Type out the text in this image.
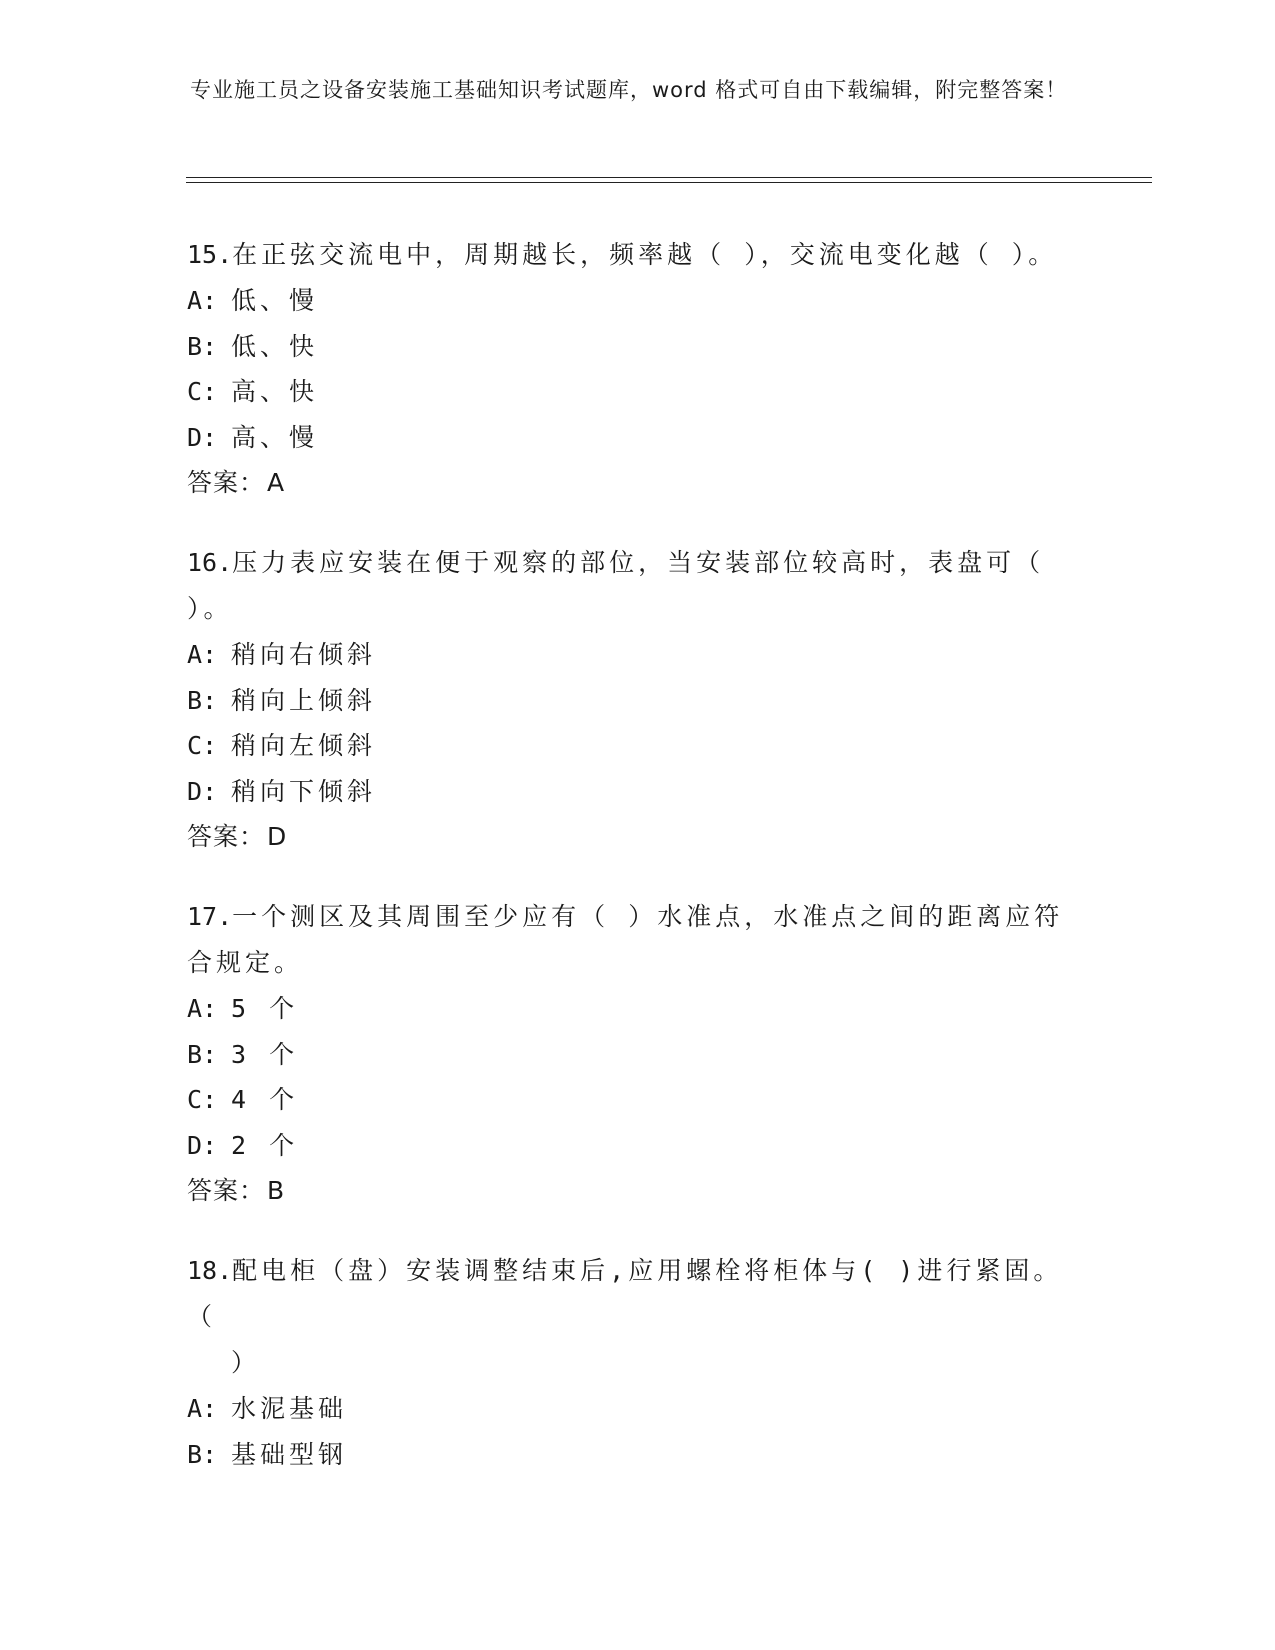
专业施工员之设备安装施工基础知识考试题库，word 格式可自由下载编辑，附完整答案！
15.在正弦交流电中，周期越长，频率越（ ），交流电变化越（ ）。
A: 低、慢
B: 低、快
C: 高、快
D: 高、慢
答案：A
16.压力表应安装在便于观察的部位，当安装部位较高时，表盘可（
）。
A: 稍向右倾斜
B: 稍向上倾斜
C: 稍向左倾斜
D: 稍向下倾斜
答案：D
17.一个测区及其周围至少应有（ ）水准点，水准点之间的距离应符
合规定。
A: 5 个
B: 3 个
C: 4 个
D: 2 个
答案：B
18.配电柜（盘）安装调整结束后,应用螺栓将柜体与( )进行紧固。（
）
A: 水泥基础
B: 基础型钢
